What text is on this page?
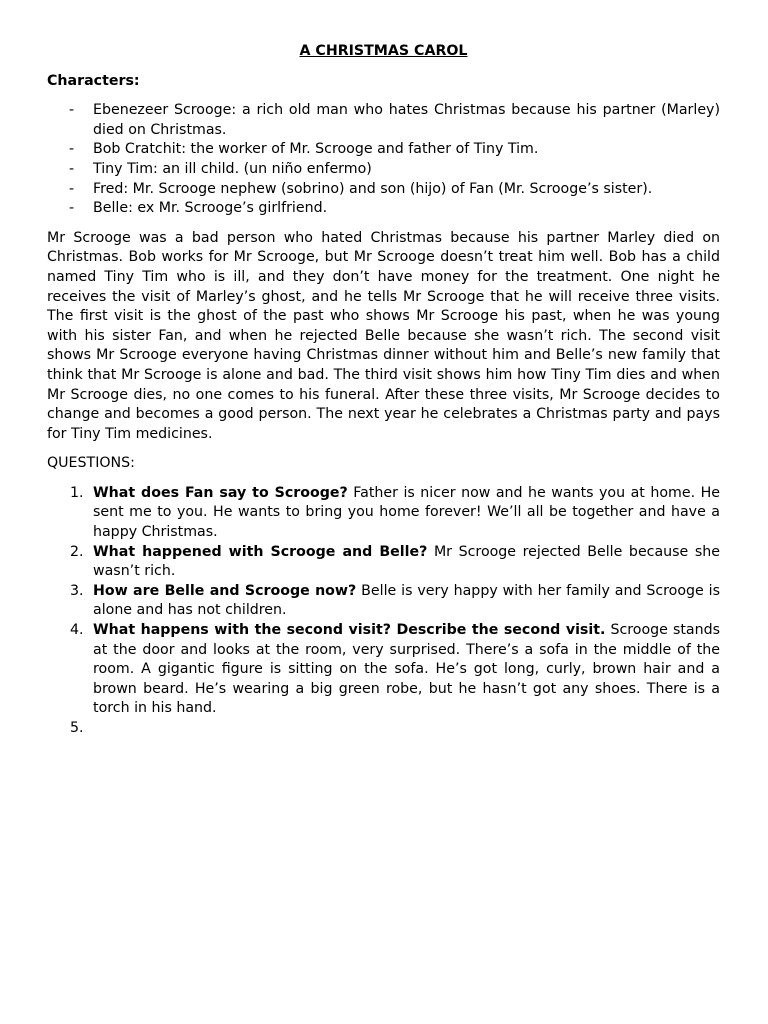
A CHRISTMAS CAROL
Characters:
- Ebenezeer Scrooge: a rich old man who hates Christmas because his partner (Marley) died on Christmas.
- Bob Cratchit: the worker of Mr. Scrooge and father of Tiny Tim.
- Tiny Tim: an ill child. (un niño enfermo)
- Fred: Mr. Scrooge nephew (sobrino) and son (hijo) of Fan (Mr. Scrooge’s sister).
- Belle: ex Mr. Scrooge’s girlfriend.

Mr Scrooge was a bad person who hated Christmas because his partner Marley died on Christmas. Bob works for Mr Scrooge, but Mr Scrooge doesn’t treat him well. Bob has a child named Tiny Tim who is ill, and they don’t have money for the treatment. One night he receives the visit of Marley’s ghost, and he tells Mr Scrooge that he will receive three visits. The first visit is the ghost of the past who shows Mr Scrooge his past, when he was young with his sister Fan, and when he rejected Belle because she wasn’t rich. The second visit shows Mr Scrooge everyone having Christmas dinner without him and Belle’s new family that think that Mr Scrooge is alone and bad. The third visit shows him how Tiny Tim dies and when Mr Scrooge dies, no one comes to his funeral. After these three visits, Mr Scrooge decides to change and becomes a good person. The next year he celebrates a Christmas party and pays for Tiny Tim medicines.

QUESTIONS:
1. What does Fan say to Scrooge? Father is nicer now and he wants you at home. He sent me to you. He wants to bring you home forever! We’ll all be together and have a happy Christmas.
2. What happened with Scrooge and Belle? Mr Scrooge rejected Belle because she wasn’t rich.
3. How are Belle and Scrooge now? Belle is very happy with her family and Scrooge is alone and has not children.
4. What happens with the second visit? Describe the second visit. Scrooge stands at the door and looks at the room, very surprised. There’s a sofa in the middle of the room. A gigantic figure is sitting on the sofa. He’s got long, curly, brown hair and a brown beard. He’s wearing a big green robe, but he hasn’t got any shoes. There is a torch in his hand.
5.
